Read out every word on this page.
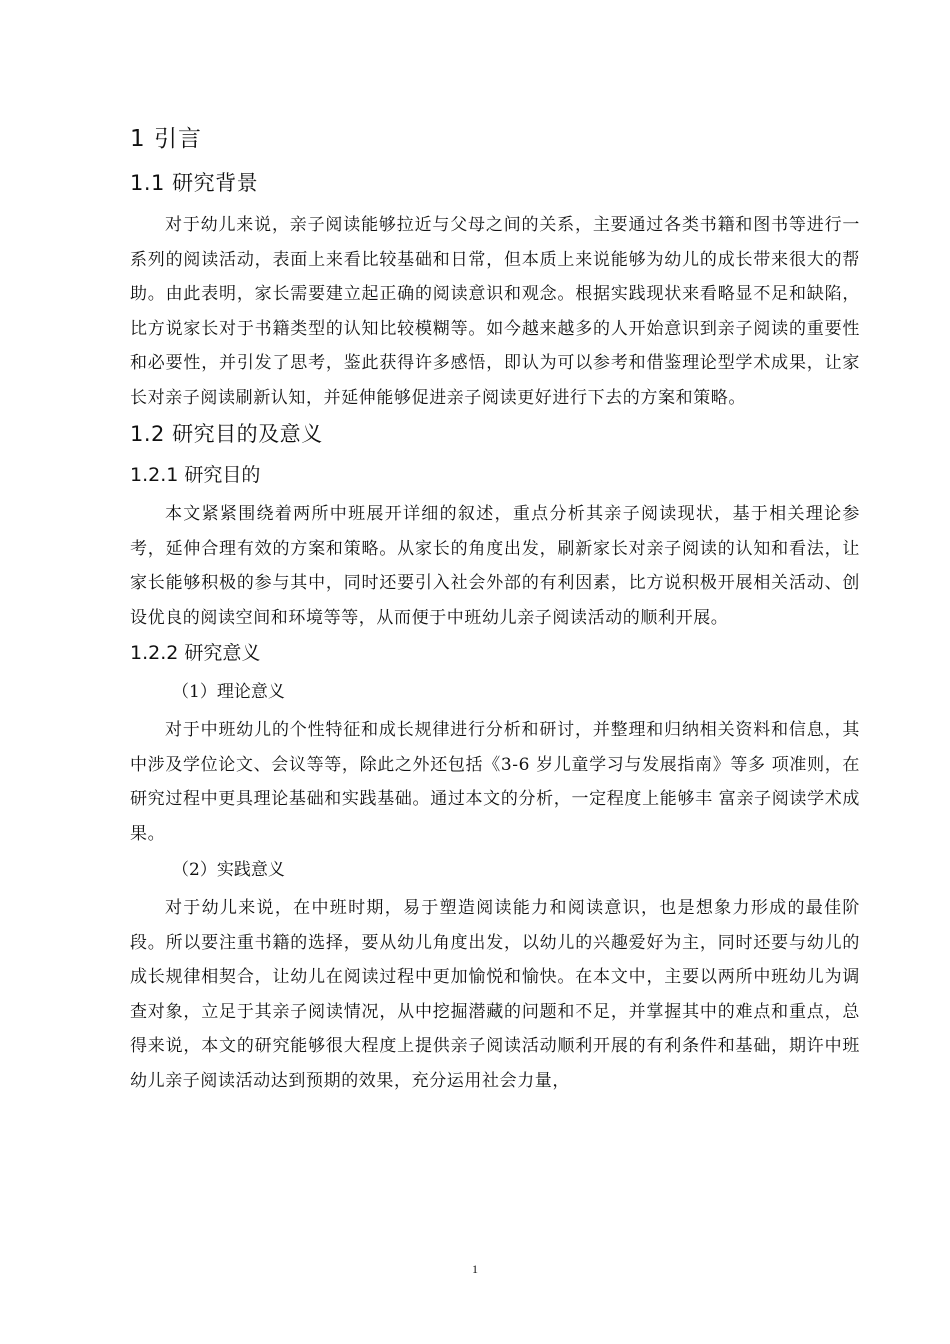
1 引言
1.1 研究背景

对于幼儿来说，亲子阅读能够拉近与父母之间的关系，主要通过各类书籍和图书等进行一系列的阅读活动，表面上来看比较基础和日常，但本质上来说能够为幼儿的成长带来很大的帮助。由此表明，家长需要建立起正确的阅读意识和观念。根据实践现状来看略显不足和缺陷，比方说家长对于书籍类型的认知比较模糊等。如今越来越多的人开始意识到亲子阅读的重要性和必要性，并引发了思考，鉴此获得许多感悟，即认为可以参考和借鉴理论型学术成果，让家长对亲子阅读刷新认知，并延伸能够促进亲子阅读更好进行下去的方案和策略。

1.2 研究目的及意义
1.2.1 研究目的

本文紧紧围绕着两所中班展开详细的叙述，重点分析其亲子阅读现状，基于相关理论参考，延伸合理有效的方案和策略。从家长的角度出发，刷新家长对亲子阅读的认知和看法，让家长能够积极的参与其中，同时还要引入社会外部的有利因素，比方说积极开展相关活动、创设优良的阅读空间和环境等等，从而便于中班幼儿亲子阅读活动的顺利开展。

1.2.2 研究意义
（1）理论意义

对于中班幼儿的个性特征和成长规律进行分析和研讨，并整理和归纳相关资料和信息，其中涉及学位论文、会议等等，除此之外还包括《3-6 岁儿童学习与发展指南》等多 项准则，在研究过程中更具理论基础和实践基础。通过本文的分析，一定程度上能够丰 富亲子阅读学术成果。

（2）实践意义

对于幼儿来说，在中班时期，易于塑造阅读能力和阅读意识，也是想象力形成的最佳阶段。所以要注重书籍的选择，要从幼儿角度出发，以幼儿的兴趣爱好为主，同时还要与幼儿的成长规律相契合，让幼儿在阅读过程中更加愉悦和愉快。在本文中，主要以两所中班幼儿为调查对象，立足于其亲子阅读情况，从中挖掘潜藏的问题和不足，并掌握其中的难点和重点，总得来说，本文的研究能够很大程度上提供亲子阅读活动顺利开展的有利条件和基础，期许中班幼儿亲子阅读活动达到预期的效果，充分运用社会力量，

1
